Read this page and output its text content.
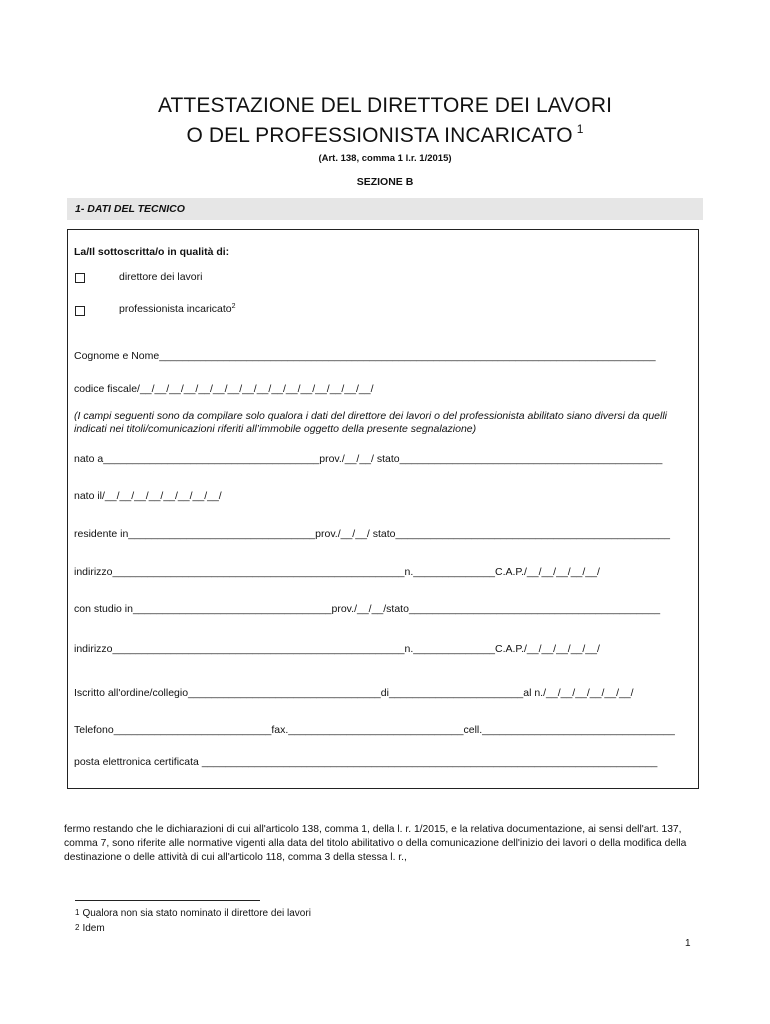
ATTESTAZIONE DEL DIRETTORE DEI LAVORI
O DEL PROFESSIONISTA INCARICATO $^1$
(Art. 138, comma 1 l.r. 1/2015)
SEZIONE B
1- DATI DEL TECNICO
La/Il sottoscritta/o in qualità di:
direttore dei lavori
professionista incaricato$^2$
Cognome e Nome_____________________________________________________________________________________
codice fiscale/__/__/__/__/__/__/__/__/__/__/__/__/__/__/__/__/
(I campi seguenti sono da compilare solo qualora i dati del direttore dei lavori o del professionista abilitato siano diversi da quelli indicati nei titoli/comunicazioni riferiti all’immobile oggetto della presente segnalazione)
nato a_____________________________________prov./__/__/ stato_____________________________________________
nato il/__/__/__/__/__/__/__/__/
residente in________________________________prov./__/__/ stato_______________________________________________
indirizzo__________________________________________________n.______________C.A.P./__/__/__/__/__/
con studio in__________________________________prov./__/__/stato___________________________________________
indirizzo__________________________________________________n.______________C.A.P./__/__/__/__/__/
Iscritto all'ordine/collegio_________________________________di_______________________al n./__/__/__/__/__/__/
Telefono___________________________fax.______________________________cell._________________________________
posta elettronica certificata ______________________________________________________________________________
fermo restando che le dichiarazioni di cui all'articolo 138, comma 1, della l. r. 1/2015, e la relativa documentazione, ai sensi dell'art. 137, comma 7, sono riferite alle normative vigenti alla data del titolo abilitativo o della comunicazione dell'inizio dei lavori o della modifica della destinazione o delle attività di cui all'articolo 118, comma 3 della stessa l. r.,
$^1$ Qualora non sia stato nominato il direttore dei lavori
$^2$ Idem
1
